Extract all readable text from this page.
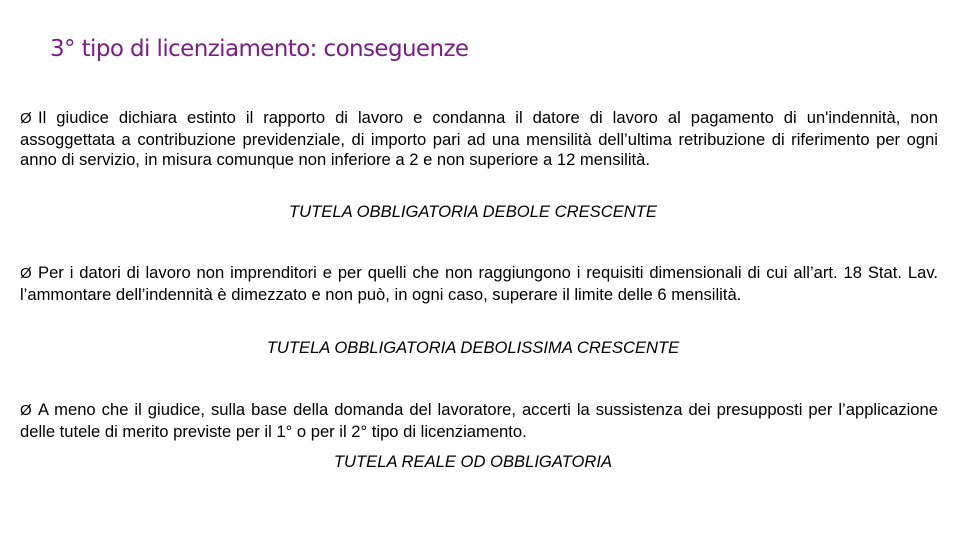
3° tipo di licenziamento: conseguenze

Ø Il giudice dichiara estinto il rapporto di lavoro e condanna il datore di lavoro al pagamento di un'indennità, non assoggettata a contribuzione previdenziale, di importo pari ad una mensilità dell’ultima retribuzione di riferimento per ogni anno di servizio, in misura comunque non inferiore a 2 e non superiore a 12 mensilità.

TUTELA OBBLIGATORIA DEBOLE CRESCENTE

Ø Per i datori di lavoro non imprenditori e per quelli che non raggiungono i requisiti dimensionali di cui all’art. 18 Stat. Lav. l’ammontare dell’indennità è dimezzato e non può, in ogni caso, superare il limite delle 6 mensilità.

TUTELA OBBLIGATORIA DEBOLISSIMA CRESCENTE

Ø A meno che il giudice, sulla base della domanda del lavoratore, accerti la sussistenza dei presupposti per l’applicazione delle tutele di merito previste per il 1° o per il 2° tipo di licenziamento.

TUTELA REALE OD OBBLIGATORIA
